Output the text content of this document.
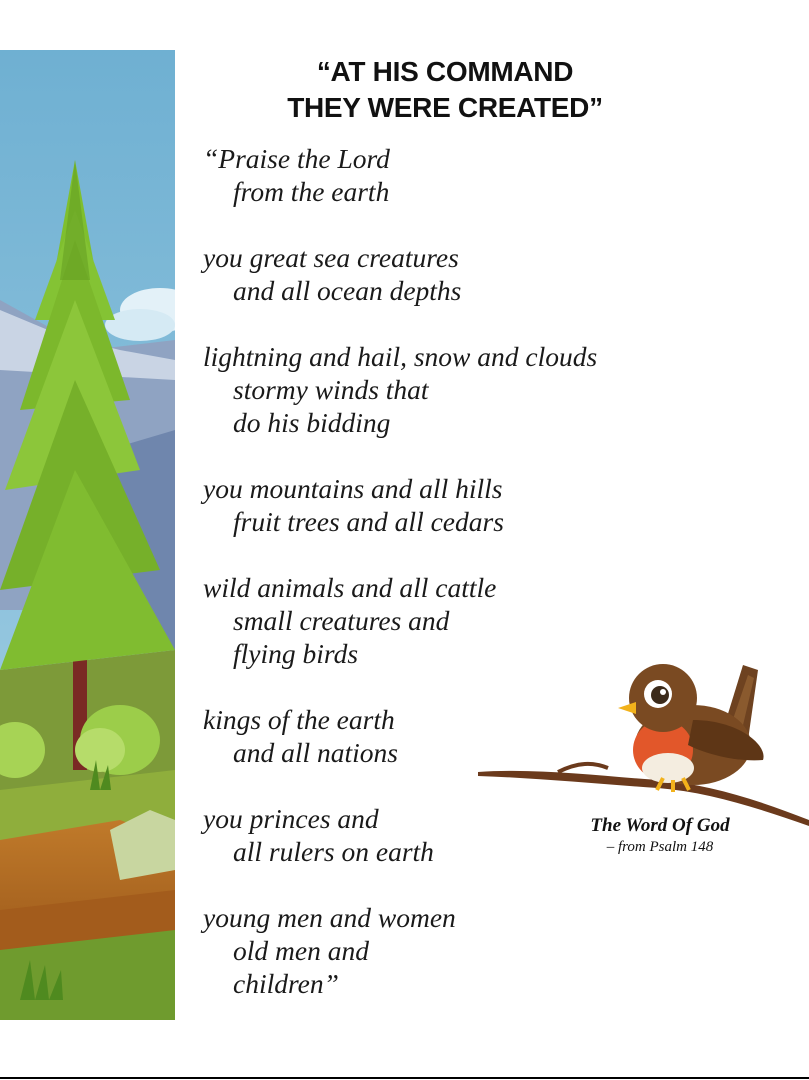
“AT HIS COMMAND
THEY WERE CREATED”
“Praise the Lord
from the earth
you great sea creatures
and all ocean depths
lightning and hail, snow and clouds
stormy winds that
do his bidding
you mountains and all hills
fruit trees and all cedars
wild animals and all cattle
small creatures and
flying birds
kings of the earth
and all nations
you princes and
all rulers on earth
young men and women
old men and
children”
The Word Of God
– from Psalm 148
